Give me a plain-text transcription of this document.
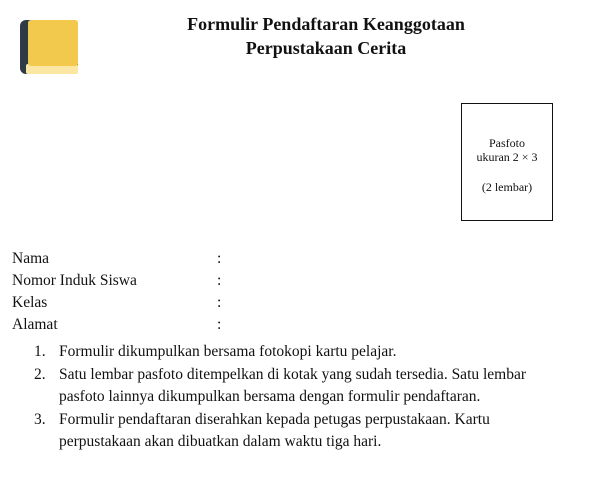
Formulir Pendaftaran Keanggotaan
Perpustakaan Cerita
Pasfoto
ukuran 2 × 3
(2 lembar)
Nama	:
Nomor Induk Siswa	:
Kelas	:
Alamat	:
1. Formulir dikumpulkan bersama fotokopi kartu pelajar.
2. Satu lembar pasfoto ditempelkan di kotak yang sudah tersedia. Satu lembar pasfoto lainnya dikumpulkan bersama dengan formulir pendaftaran.
3. Formulir pendaftaran diserahkan kepada petugas perpustakaan. Kartu perpustakaan akan dibuatkan dalam waktu tiga hari.
